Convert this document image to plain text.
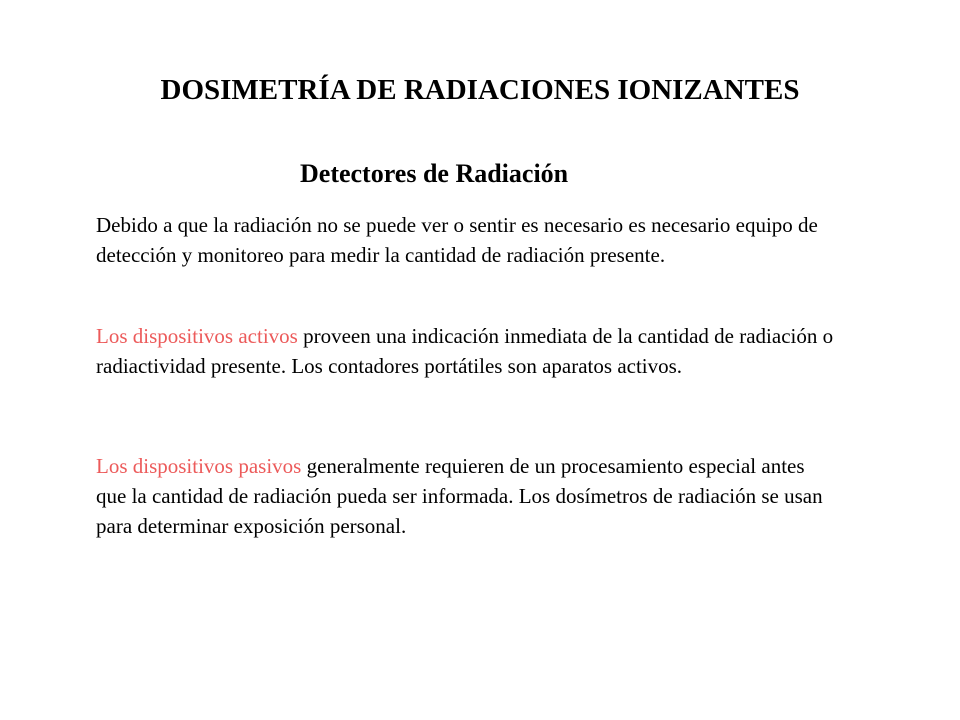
DOSIMETRÍA DE RADIACIONES IONIZANTES
Detectores de Radiación
Debido a que la radiación no se puede ver o sentir es necesario es necesario equipo de detección y monitoreo para medir la cantidad de radiación presente.
Los dispositivos activos proveen una indicación inmediata de la cantidad de radiación o radiactividad presente. Los contadores portátiles son aparatos activos.
Los dispositivos pasivos generalmente requieren de un procesamiento especial antes que la cantidad de radiación pueda ser informada. Los dosímetros de radiación se usan para determinar exposición personal.
